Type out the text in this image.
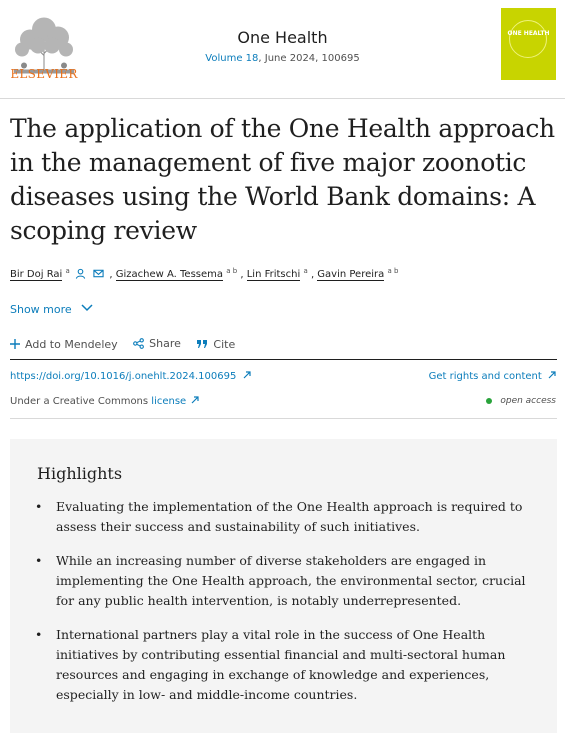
ELSEVIER
One Health
Volume 18, June 2024, 100695
ONE HEALTH
The application of the One Health approach in the management of five major zoonotic diseases using the World Bank domains: A scoping review
Bir Doj Rai $^a$	, Gizachew A. Tessema $^{a b}$ , Lin Fritschi $^a$ , Gavin Pereira $^{a b}$
Show more
Add to Mendeley
	Share
	Cite
https://doi.org/10.1016/j.onehlt.2024.100695	Get rights and content
Under a Creative Commons license	open access
Highlights
• Evaluating the implementation of the One Health approach is required to assess their success and sustainability of such initiatives.
• While an increasing number of diverse stakeholders are engaged in implementing the One Health approach, the environmental sector, crucial for any public health intervention, is notably underrepresented.
• International partners play a vital role in the success of One Health initiatives by contributing essential financial and multi-sectoral human resources and engaging in exchange of knowledge and experiences, especially in low- and middle-income countries.
